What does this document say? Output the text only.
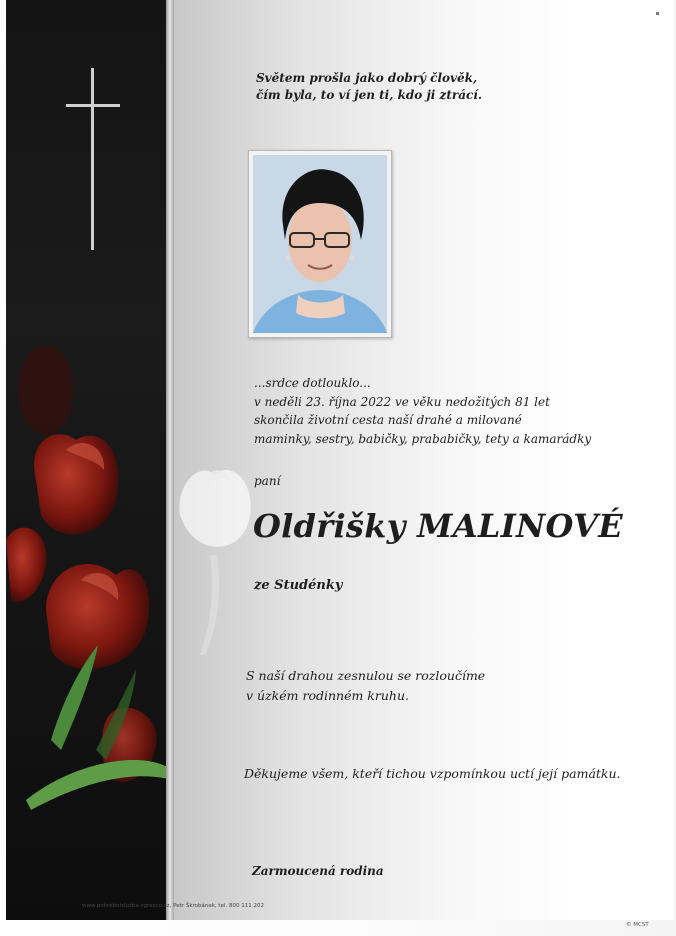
Světem prošla jako dobrý člověk,
čím byla, to ví jen ti, kdo ji ztrácí.
...srdce dotlouklo...
v neděli 23. října 2022 ve věku nedožitých 81 let
skončila životní cesta naší drahé a milované
maminky, sestry, babičky, prababičky, tety a kamarádky
paní
Oldřišky MALINOVÉ
ze Studénky
S naší drahou zesnulou se rozloučíme
v úzkém rodinném kruhu.
Děkujeme všem, kteří tichou vzpomínkou uctí její památku.
Zarmoucená rodina
www.pohrebnisluzba-zgrescu.cz, Petr Škrobánek, tel. 800 111 202
© MCST
